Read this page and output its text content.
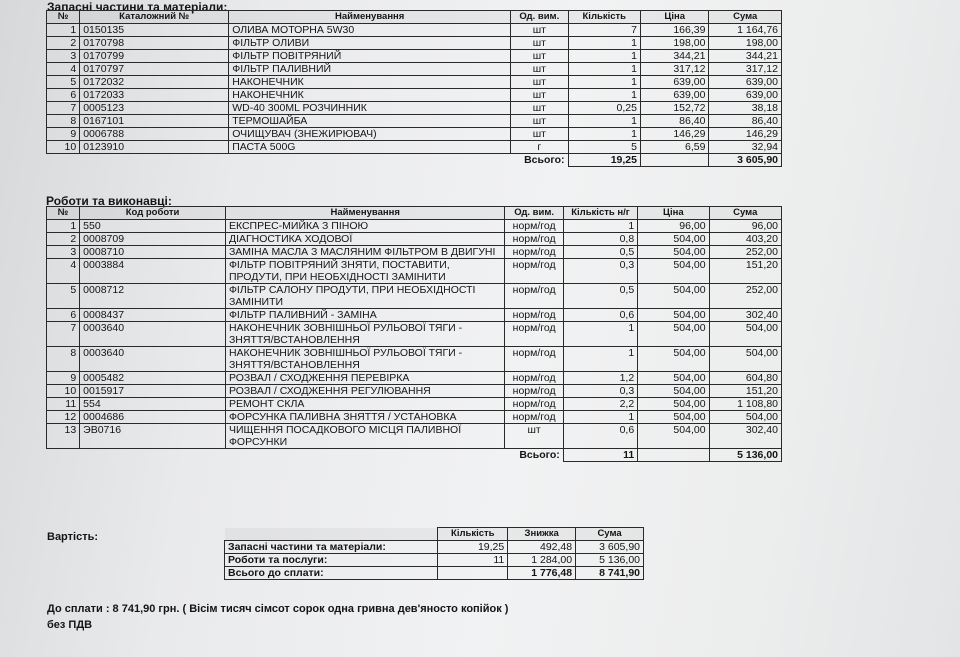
Запасні частини та матеріали:
№	Каталожний №	Найменування	Од. вим.	Кількість	Ціна	Сума
1	0150135	ОЛИВА МОТОРНА 5W30	шт	7	166,39	1 164,76
2	0170798	ФІЛЬТР ОЛИВИ	шт	1	198,00	198,00
3	0170799	ФІЛЬТР ПОВІТРЯНИЙ	шт	1	344,21	344,21
4	0170797	ФІЛЬТР ПАЛИВНИЙ	шт	1	317,12	317,12
5	0172032	НАКОНЕЧНИК	шт	1	639,00	639,00
6	0172033	НАКОНЕЧНИК	шт	1	639,00	639,00
7	0005123	WD-40 300ML РОЗЧИННИК	шт	0,25	152,72	38,18
8	0167101	ТЕРМОШАЙБА	шт	1	86,40	86,40
9	0006788	ОЧИЩУВАЧ (ЗНЕЖИРЮВАЧ)	шт	1	146,29	146,29
10	0123910	ПАСТА 500G	г	5	6,59	32,94
			Всього:	19,25		3 605,90
Роботи та виконавці:
№	Код роботи	Найменування	Од. вим.	Кількість н/г	Ціна	Сума
1	550	ЕКСПРЕС-МИЙКА З ПІНОЮ	норм/год	1	96,00	96,00
2	0008709	ДІАГНОСТИКА ХОДОВОЇ	норм/год	0,8	504,00	403,20
3	0008710	ЗАМІНА МАСЛА З МАСЛЯНИМ ФІЛЬТРОМ В ДВИГУНІ	норм/год	0,5	504,00	252,00
4	0003884	ФІЛЬТР ПОВІТРЯНИЙ ЗНЯТИ, ПОСТАВИТИ, ПРОДУТИ, ПРИ НЕОБХІДНОСТІ ЗАМІНИТИ	норм/год	0,3	504,00	151,20
5	0008712	ФІЛЬТР САЛОНУ ПРОДУТИ, ПРИ НЕОБХІДНОСТІ ЗАМІНИТИ	норм/год	0,5	504,00	252,00
6	0008437	ФІЛЬТР ПАЛИВНИЙ - ЗАМІНА	норм/год	0,6	504,00	302,40
7	0003640	НАКОНЕЧНИК ЗОВНІШНЬОЇ РУЛЬОВОЇ ТЯГИ - ЗНЯТТЯ/ВСТАНОВЛЕННЯ	норм/год	1	504,00	504,00
8	0003640	НАКОНЕЧНИК ЗОВНІШНЬОЇ РУЛЬОВОЇ ТЯГИ - ЗНЯТТЯ/ВСТАНОВЛЕННЯ	норм/год	1	504,00	504,00
9	0005482	РОЗВАЛ / СХОДЖЕННЯ ПЕРЕВІРКА	норм/год	1,2	504,00	604,80
10	0015917	РОЗВАЛ / СХОДЖЕННЯ РЕГУЛЮВАННЯ	норм/год	0,3	504,00	151,20
11	554	РЕМОНТ СКЛА	норм/год	2,2	504,00	1 108,80
12	0004686	ФОРСУНКА ПАЛИВНА ЗНЯТТЯ / УСТАНОВКА	норм/год	1	504,00	504,00
13	ЭВ0716	ЧИЩЕННЯ ПОСАДКОВОГО МІСЦЯ ПАЛИВНОЇ ФОРСУНКИ	шт	0,6	504,00	302,40
			Всього:	11		5 136,00
Вартість:
		Кількість	Знижка	Сума
Запасні частини та матеріали:	19,25	492,48	3 605,90
Роботи та послуги:	11	1 284,00	5 136,00
Всього до сплати:		1 776,48	8 741,90
До сплати : 8 741,90 грн. ( Вісім тисяч сімсот сорок одна гривна дев'яносто копійок )
без ПДВ
